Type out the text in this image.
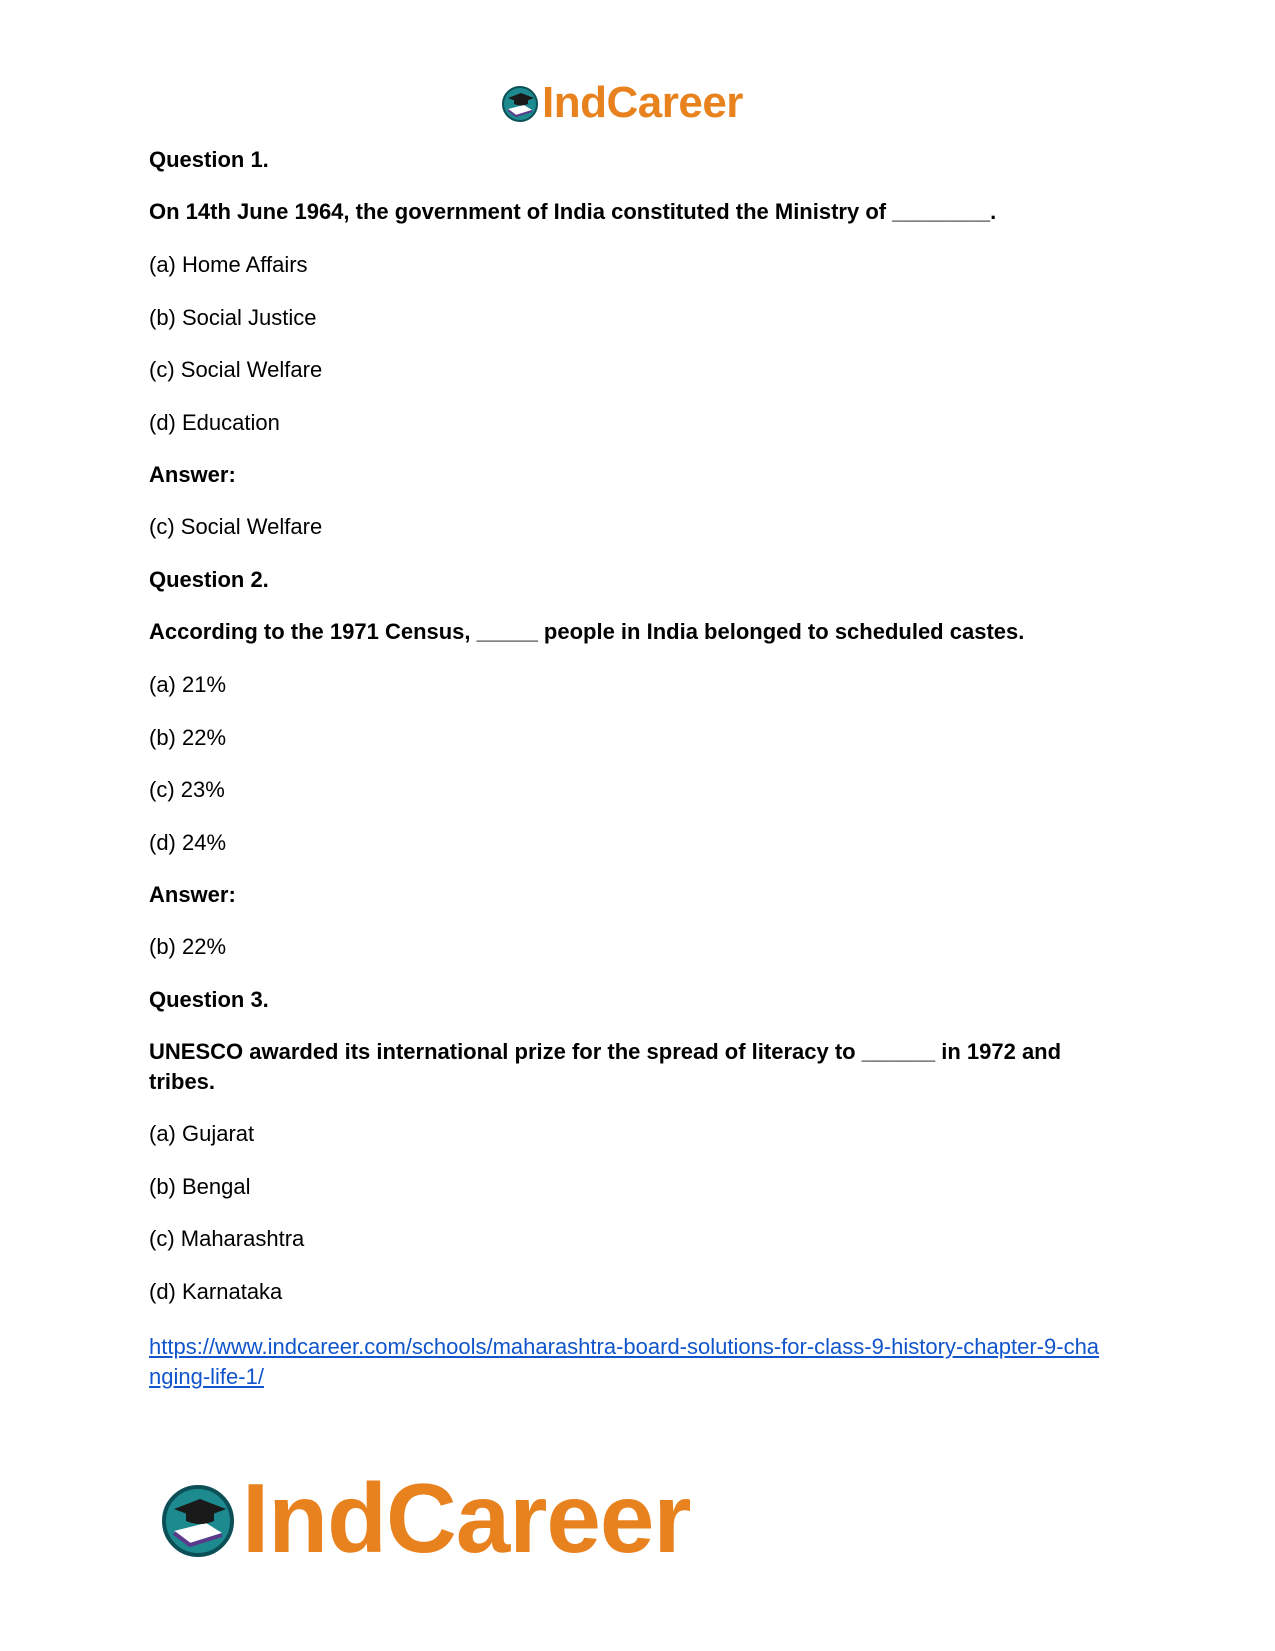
IndCareer
Question 1.
On 14th June 1964, the government of India constituted the Ministry of ________.
(a) Home Affairs
(b) Social Justice
(c) Social Welfare
(d) Education
Answer:
(c) Social Welfare
Question 2.
According to the 1971 Census, _____ people in India belonged to scheduled castes.
(a) 21%
(b) 22%
(c) 23%
(d) 24%
Answer:
(b) 22%
Question 3.
UNESCO awarded its international prize for the spread of literacy to ______ in 1972 and tribes.
(a) Gujarat
(b) Bengal
(c) Maharashtra
(d) Karnataka
https://www.indcareer.com/schools/maharashtra-board-solutions-for-class-9-history-chapter-9-changing-life-1/
IndCareer
